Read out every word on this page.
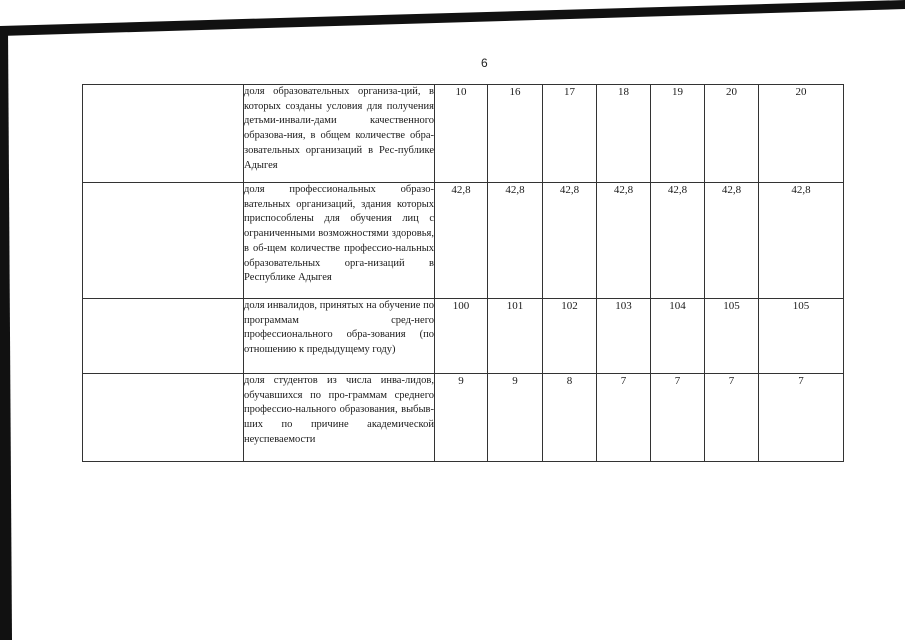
6
	доля образовательных организа-ций, в которых созданы условия для получения детьми-инвали-дами качественного образова-ния, в общем количестве обра-зовательных организаций в Рес-публике Адыгея	10	16	17	18	19	20	20
	доля профессиональных образо-вательных организаций, здания которых приспособлены для обучения лиц с ограниченными возможностями здоровья, в об-щем количестве профессио-нальных образовательных орга-низаций в Республике Адыгея	42,8	42,8	42,8	42,8	42,8	42,8	42,8
	доля инвалидов, принятых на обучение по программам сред-него профессионального обра-зования (по отношению к предыдущему году)	100	101	102	103	104	105	105
	доля студентов из числа инва-лидов, обучавшихся по про-граммам среднего профессио-нального образования, выбыв-ших по причине академической неуспеваемости	9	9	8	7	7	7	7
